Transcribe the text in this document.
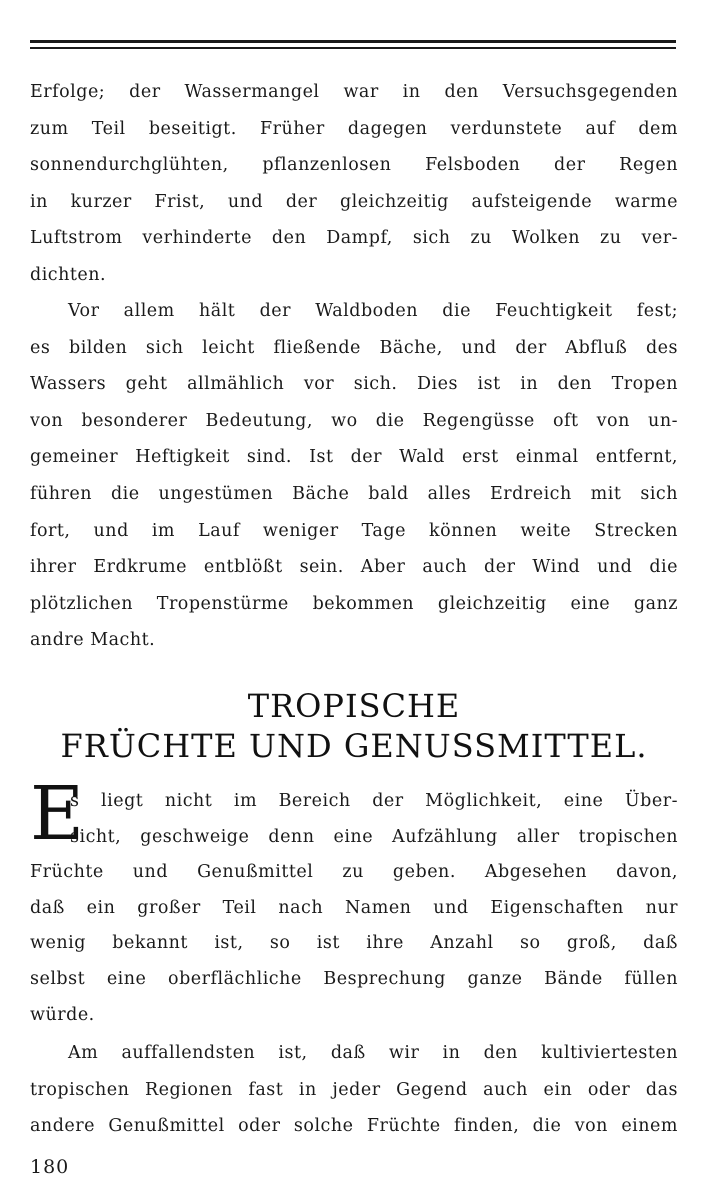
Erfolge; der Wassermangel war in den Versuchsgegenden
zum Teil beseitigt. Früher dagegen verdunstete auf dem
sonnendurchglühten, pflanzenlosen Felsboden der Regen
in kurzer Frist, und der gleichzeitig aufsteigende warme
Luftstrom verhinderte den Dampf, sich zu Wolken zu ver-
dichten.
Vor allem hält der Waldboden die Feuchtigkeit fest;
es bilden sich leicht fließende Bäche, und der Abfluß des
Wassers geht allmählich vor sich. Dies ist in den Tropen
von besonderer Bedeutung, wo die Regengüsse oft von un-
gemeiner Heftigkeit sind. Ist der Wald erst einmal entfernt,
führen die ungestümen Bäche bald alles Erdreich mit sich
fort, und im Lauf weniger Tage können weite Strecken
ihrer Erdkrume entblößt sein. Aber auch der Wind und die
plötzlichen Tropenstürme bekommen gleichzeitig eine ganz
andre Macht.
TROPISCHE
FRÜCHTE UND GENUSSMITTEL.
E
s liegt nicht im Bereich der Möglichkeit, eine Über-
sicht, geschweige denn eine Aufzählung aller tropischen
Früchte und Genußmittel zu geben. Abgesehen davon,
daß ein großer Teil nach Namen und Eigenschaften nur
wenig bekannt ist, so ist ihre Anzahl so groß, daß
selbst eine oberflächliche Besprechung ganze Bände füllen
würde.
Am auffallendsten ist, daß wir in den kultiviertesten
tropischen Regionen fast in jeder Gegend auch ein oder das
andere Genußmittel oder solche Früchte finden, die von einem
180
